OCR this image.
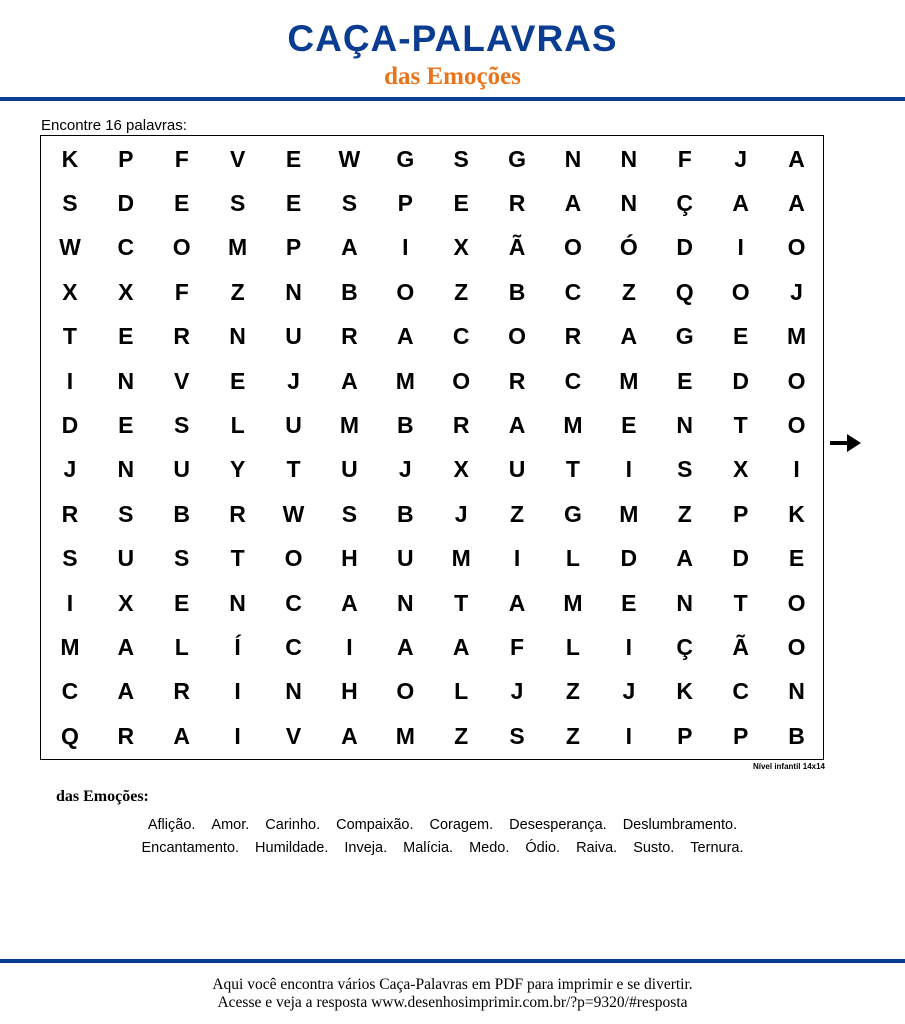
CAÇA-PALAVRAS
das Emoções
Encontre 16 palavras:
K	P	F	V	E	W	G	S	G	N	N	F	J	A
S	D	E	S	E	S	P	E	R	A	N	Ç	A	A
W	C	O	M	P	A	I	X	Ã	O	Ó	D	I	O
X	X	F	Z	N	B	O	Z	B	C	Z	Q	O	J
T	E	R	N	U	R	A	C	O	R	A	G	E	M
I	N	V	E	J	A	M	O	R	C	M	E	D	O
D	E	S	L	U	M	B	R	A	M	E	N	T	O
J	N	U	Y	T	U	J	X	U	T	I	S	X	I
R	S	B	R	W	S	B	J	Z	G	M	Z	P	K
S	U	S	T	O	H	U	M	I	L	D	A	D	E
I	X	E	N	C	A	N	T	A	M	E	N	T	O
M	A	L	Í	C	I	A	A	F	L	I	Ç	Ã	O
C	A	R	I	N	H	O	L	J	Z	J	K	C	N
Q	R	A	I	V	A	M	Z	S	Z	I	P	P	B
Nível infantil 14x14
das Emoções:
Aflição. Amor. Carinho. Compaixão. Coragem. Desesperança. Deslumbramento.
Encantamento. Humildade. Inveja. Malícia. Medo. Ódio. Raiva. Susto. Ternura.
Aqui você encontra vários Caça-Palavras em PDF para imprimir e se divertir.
Acesse e veja a resposta www.desenhosimprimir.com.br/?p=9320/#resposta
